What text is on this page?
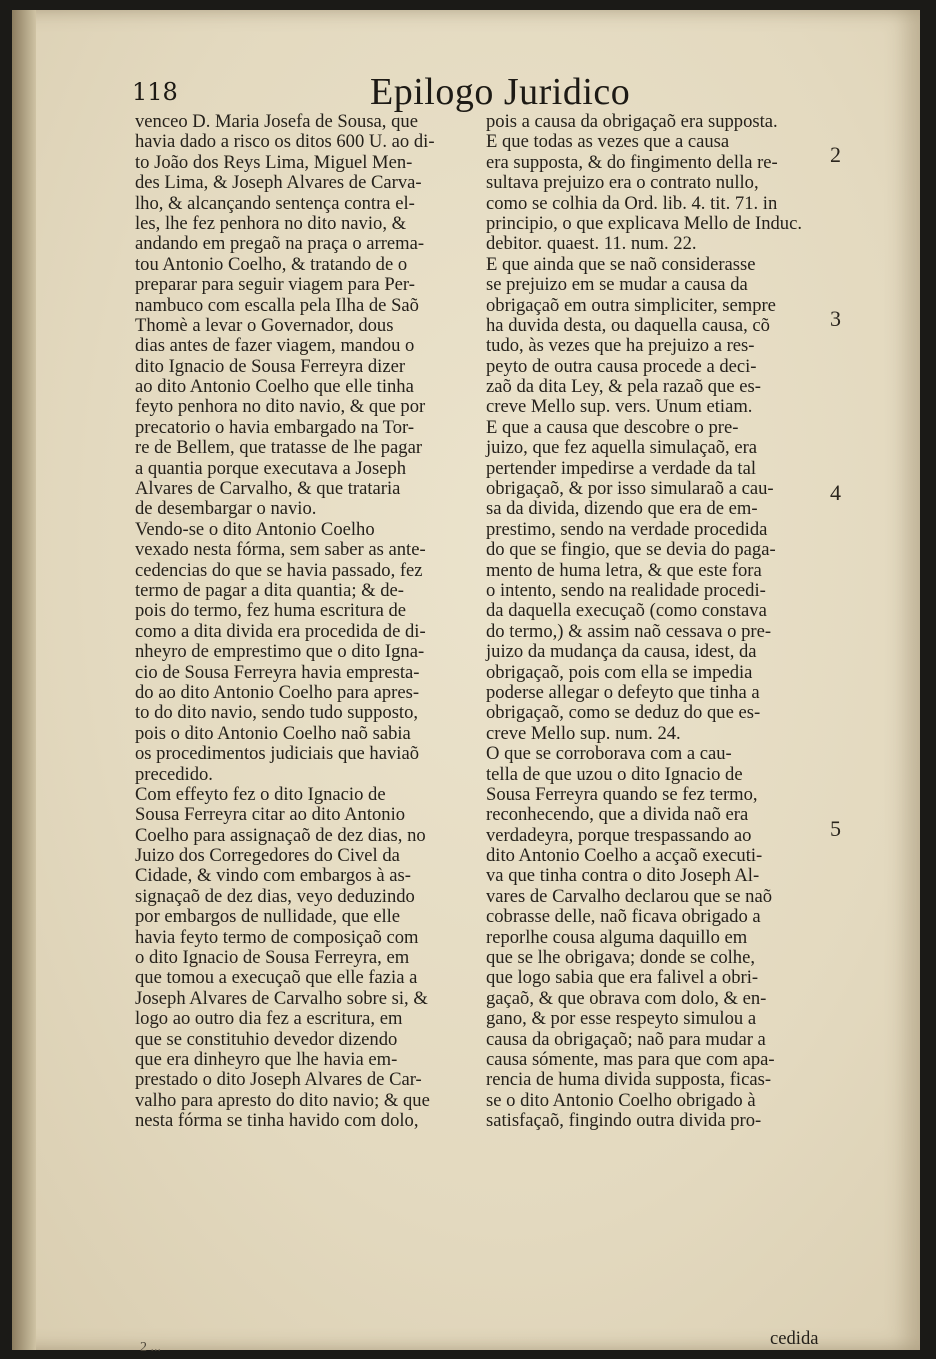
118	Epilogo Juridico
venceo D. Maria Josefa de Sousa, que
havia dado a risco os ditos 600 U. ao di-
to João dos Reys Lima, Miguel Men-
des Lima, & Joseph Alvares de Carva-
lho, & alcançando sentença contra el-
les, lhe fez penhora no dito navio, &
andando em pregaõ na praça o arrema-
tou Antonio Coelho, & tratando de o
preparar para seguir viagem para Per-
nambuco com escalla pela Ilha de Saõ
Thomè a levar o Governador, dous
dias antes de fazer viagem, mandou o
dito Ignacio de Sousa Ferreyra dizer
ao dito Antonio Coelho que elle tinha
feyto penhora no dito navio, & que por
precatorio o havia embargado na Tor-
re de Bellem, que tratasse de lhe pagar
a quantia porque executava a Joseph
Alvares de Carvalho, & que trataria
de desembargar o navio.
Vendo-se o dito Antonio Coelho
vexado nesta fórma, sem saber as ante-
cedencias do que se havia passado, fez
termo de pagar a dita quantia; & de-
pois do termo, fez huma escritura de
como a dita divida era procedida de di-
nheyro de emprestimo que o dito Igna-
cio de Sousa Ferreyra havia empresta-
do ao dito Antonio Coelho para apres-
to do dito navio, sendo tudo supposto,
pois o dito Antonio Coelho naõ sabia
os procedimentos judiciais que haviaõ
precedido.
Com effeyto fez o dito Ignacio de
Sousa Ferreyra citar ao dito Antonio
Coelho para assignaçaõ de dez dias, no
Juizo dos Corregedores do Civel da
Cidade, & vindo com embargos à as-
signaçaõ de dez dias, veyo deduzindo
por embargos de nullidade, que elle
havia feyto termo de composiçaõ com
o dito Ignacio de Sousa Ferreyra, em
que tomou a execuçaõ que elle fazia a
Joseph Alvares de Carvalho sobre si, &
logo ao outro dia fez a escritura, em
que se constituhio devedor dizendo
que era dinheyro que lhe havia em-
prestado o dito Joseph Alvares de Car-
valho para apresto do dito navio; & que
nesta fórma se tinha havido com dolo,
pois a causa da obrigaçaõ era supposta.
E que todas as vezes que a causa
era supposta, & do fingimento della re-
sultava prejuizo era o contrato nullo,
como se colhia da Ord. lib. 4. tit. 71. in
principio, o que explicava Mello de Induc.
debitor. quaest. 11. num. 22.
E que ainda que se naõ considerasse
se prejuizo em se mudar a causa da
obrigaçaõ em outra simpliciter, sempre
ha duvida desta, ou daquella causa, cõ
tudo, às vezes que ha prejuizo a res-
peyto de outra causa procede a deci-
zaõ da dita Ley, & pela razaõ que es-
creve Mello sup. vers. Unum etiam.
E que a causa que descobre o pre-
juizo, que fez aquella simulaçaõ, era
pertender impedirse a verdade da tal
obrigaçaõ, & por isso simularaõ a cau-
sa da divida, dizendo que era de em-
prestimo, sendo na verdade procedida
do que se fingio, que se devia do paga-
mento de huma letra, & que este fora
o intento, sendo na realidade procedi-
da daquella execuçaõ (como constava
do termo,) & assim naõ cessava o pre-
juizo da mudança da causa, idest, da
obrigaçaõ, pois com ella se impedia
poderse allegar o defeyto que tinha a
obrigaçaõ, como se deduz do que es-
creve Mello sup. num. 24.
O que se corroborava com a cau-
tella de que uzou o dito Ignacio de
Sousa Ferreyra quando se fez termo,
reconhecendo, que a divida naõ era
verdadeyra, porque trespassando ao
dito Antonio Coelho a acçaõ executi-
va que tinha contra o dito Joseph Al-
vares de Carvalho declarou que se naõ
cobrasse delle, naõ ficava obrigado a
reporlhe cousa alguma daquillo em
que se lhe obrigava; donde se colhe,
que logo sabia que era falivel a obri-
gaçaõ, & que obrava com dolo, & en-
gano, & por esse respeyto simulou a
causa da obrigaçaõ; naõ para mudar a
causa sómente, mas para que com apa-
rencia de huma divida supposta, ficas-
se o dito Antonio Coelho obrigado à
satisfaçaõ, fingindo outra divida pro-
2
3
4
5
cedida
2 ...
